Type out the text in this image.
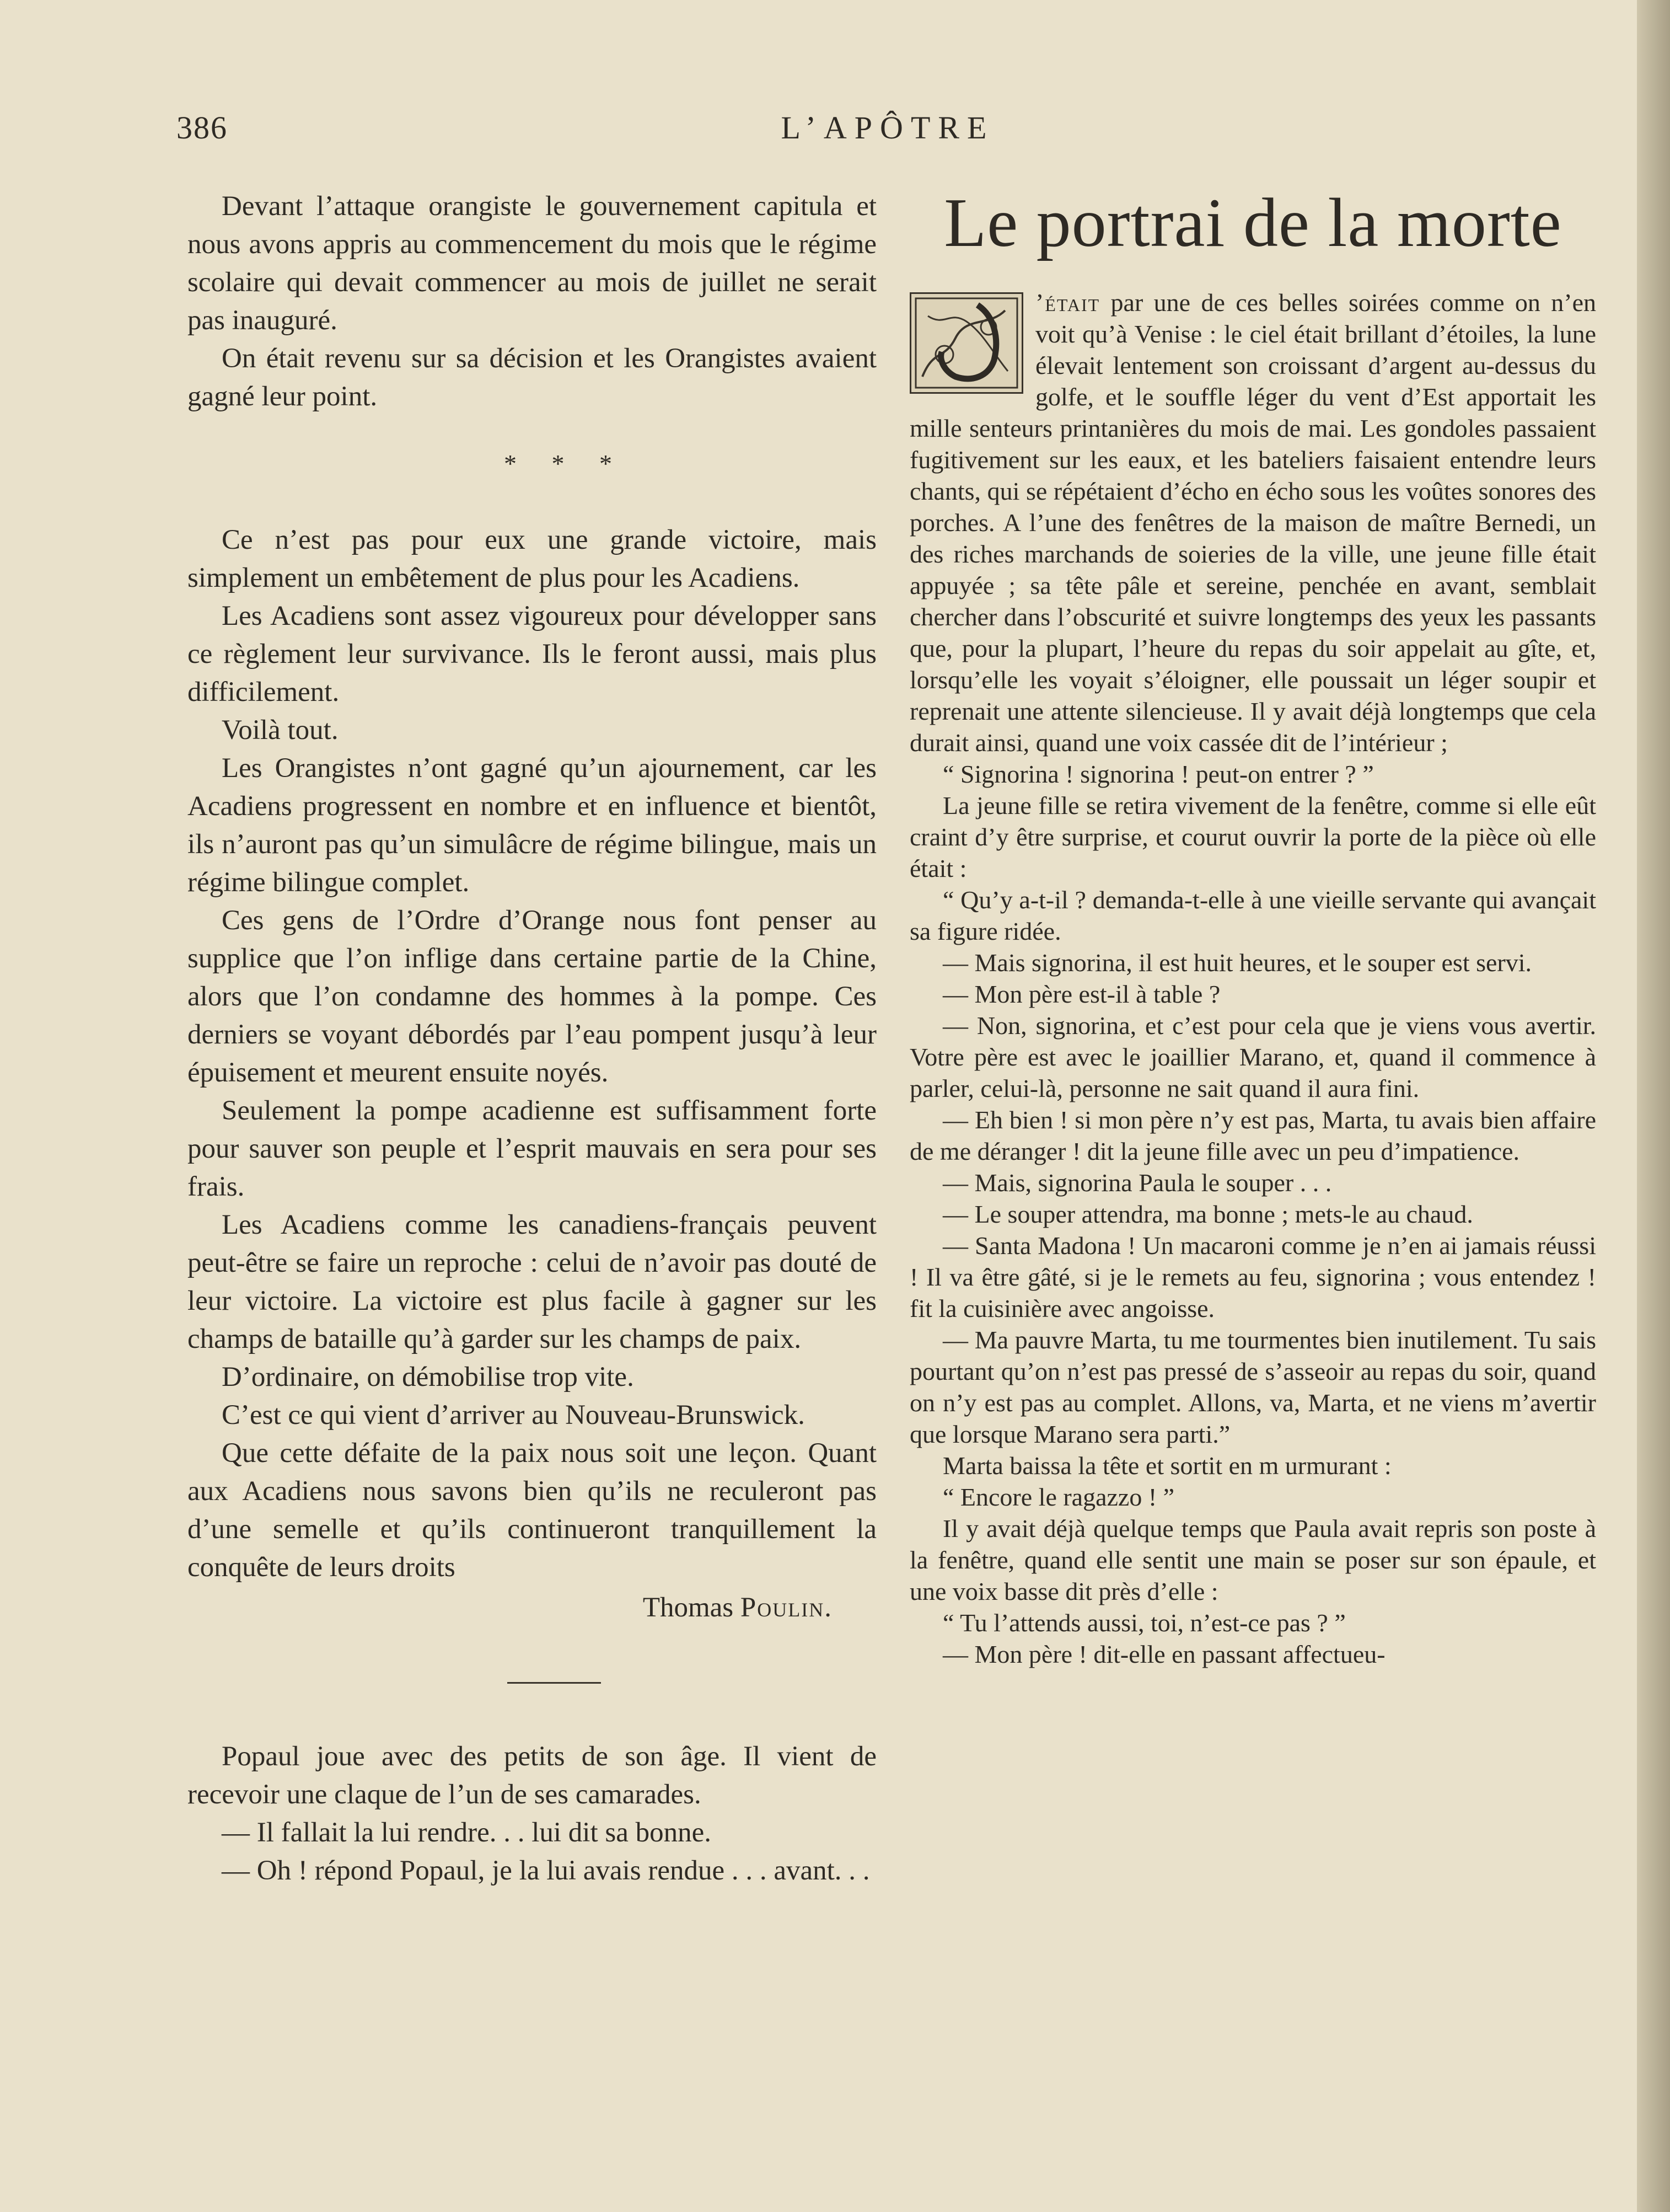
386	L’APÔTRE

Devant l’attaque orangiste le gouvernement capitula et nous avons appris au commencement du mois que le régime scolaire qui devait commencer au mois de juillet ne serait pas inauguré.

On était revenu sur sa décision et les Orangistes avaient gagné leur point.

* * *

Ce n’est pas pour eux une grande victoire, mais simplement un embêtement de plus pour les Acadiens.

Les Acadiens sont assez vigoureux pour développer sans ce règlement leur survivance. Ils le feront aussi, mais plus difficilement.

Voilà tout.

Les Orangistes n’ont gagné qu’un ajournement, car les Acadiens progressent en nombre et en influence et bientôt, ils n’auront pas qu’un simulâcre de régime bilingue, mais un régime bilingue complet.

Ces gens de l’Ordre d’Orange nous font penser au supplice que l’on inflige dans certaine partie de la Chine, alors que l’on condamne des hommes à la pompe. Ces derniers se voyant débordés par l’eau pompent jusqu’à leur épuisement et meurent ensuite noyés.

Seulement la pompe acadienne est suffisamment forte pour sauver son peuple et l’esprit mauvais en sera pour ses frais.

Les Acadiens comme les canadiens-français peuvent peut-être se faire un reproche : celui de n’avoir pas douté de leur victoire. La victoire est plus facile à gagner sur les champs de bataille qu’à garder sur les champs de paix.

D’ordinaire, on démobilise trop vite.

C’est ce qui vient d’arriver au Nouveau-Brunswick.

Que cette défaite de la paix nous soit une leçon. Quant aux Acadiens nous savons bien qu’ils ne reculeront pas d’une semelle et qu’ils continueront tranquillement la conquête de leurs droits

Thomas Poulin.

Popaul joue avec des petits de son âge. Il vient de recevoir une claque de l’un de ses camarades.

— Il fallait la lui rendre. . . lui dit sa bonne.

— Oh ! répond Popaul, je la lui avais rendue . . . avant. . .

Le portrai de la morte

’était par une de ces belles soirées comme on n’en voit qu’à Venise : le ciel était brillant d’étoiles, la lune élevait lentement son croissant d’argent au-dessus du golfe, et le souffle léger du vent d’Est apportait les mille senteurs printanières du mois de mai. Les gondoles passaient fugitivement sur les eaux, et les bateliers faisaient entendre leurs chants, qui se répétaient d’écho en écho sous les voûtes sonores des porches. A l’une des fenêtres de la maison de maître Bernedi, un des riches marchands de soieries de la ville, une jeune fille était appuyée ; sa tête pâle et sereine, penchée en avant, semblait chercher dans l’obscurité et suivre longtemps des yeux les passants que, pour la plupart, l’heure du repas du soir appelait au gîte, et, lorsqu’elle les voyait s’éloigner, elle poussait un léger soupir et reprenait une attente silencieuse. Il y avait déjà longtemps que cela durait ainsi, quand une voix cassée dit de l’intérieur ;

“ Signorina ! signorina ! peut-on entrer ? ”

La jeune fille se retira vivement de la fenêtre, comme si elle eût craint d’y être surprise, et courut ouvrir la porte de la pièce où elle était :

“ Qu’y a-t-il ? demanda-t-elle à une vieille servante qui avançait sa figure ridée.

— Mais signorina, il est huit heures, et le souper est servi.

— Mon père est-il à table ?

— Non, signorina, et c’est pour cela que je viens vous avertir. Votre père est avec le joaillier Marano, et, quand il commence à parler, celui-là, personne ne sait quand il aura fini.

— Eh bien ! si mon père n’y est pas, Marta, tu avais bien affaire de me déranger ! dit la jeune fille avec un peu d’impatience.

— Mais, signorina Paula le souper . . .

— Le souper attendra, ma bonne ; mets-le au chaud.

— Santa Madona ! Un macaroni comme je n’en ai jamais réussi ! Il va être gâté, si je le remets au feu, signorina ; vous entendez ! fit la cuisinière avec angoisse.

— Ma pauvre Marta, tu me tourmentes bien inutilement. Tu sais pourtant qu’on n’est pas pressé de s’asseoir au repas du soir, quand on n’y est pas au complet. Allons, va, Marta, et ne viens m’avertir que lorsque Marano sera parti.”

Marta baissa la tête et sortit en m urmurant :

“ Encore le ragazzo ! ”

Il y avait déjà quelque temps que Paula avait repris son poste à la fenêtre, quand elle sentit une main se poser sur son épaule, et une voix basse dit près d’elle :

“ Tu l’attends aussi, toi, n’est-ce pas ? ”

— Mon père ! dit-elle en passant affectueu-
